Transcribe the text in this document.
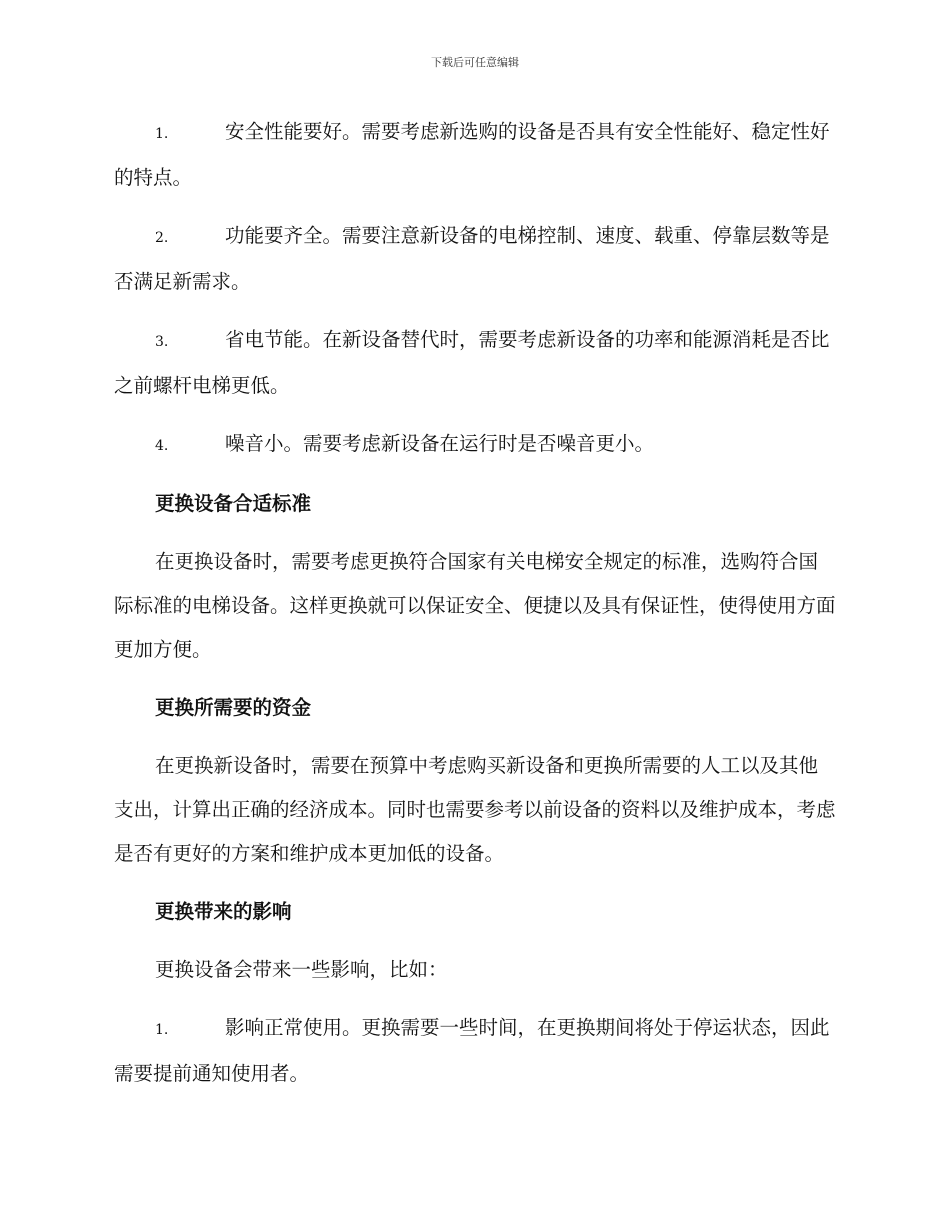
下载后可任意编辑
1.	安全性能要好。需要考虑新选购的设备是否具有安全性能好、稳定性好的特点。
2.	功能要齐全。需要注意新设备的电梯控制、速度、载重、停靠层数等是否满足新需求。
3.	省电节能。在新设备替代时，需要考虑新设备的功率和能源消耗是否比之前螺杆电梯更低。
4.	噪音小。需要考虑新设备在运行时是否噪音更小。
更换设备合适标准
在更换设备时，需要考虑更换符合国家有关电梯安全规定的标准，选购符合国际标准的电梯设备。这样更换就可以保证安全、便捷以及具有保证性，使得使用方面更加方便。
更换所需要的资金
在更换新设备时，需要在预算中考虑购买新设备和更换所需要的人工以及其他支出，计算出正确的经济成本。同时也需要参考以前设备的资料以及维护成本，考虑是否有更好的方案和维护成本更加低的设备。
更换带来的影响
更换设备会带来一些影响，比如：
1.	影响正常使用。更换需要一些时间，在更换期间将处于停运状态，因此需要提前通知使用者。
